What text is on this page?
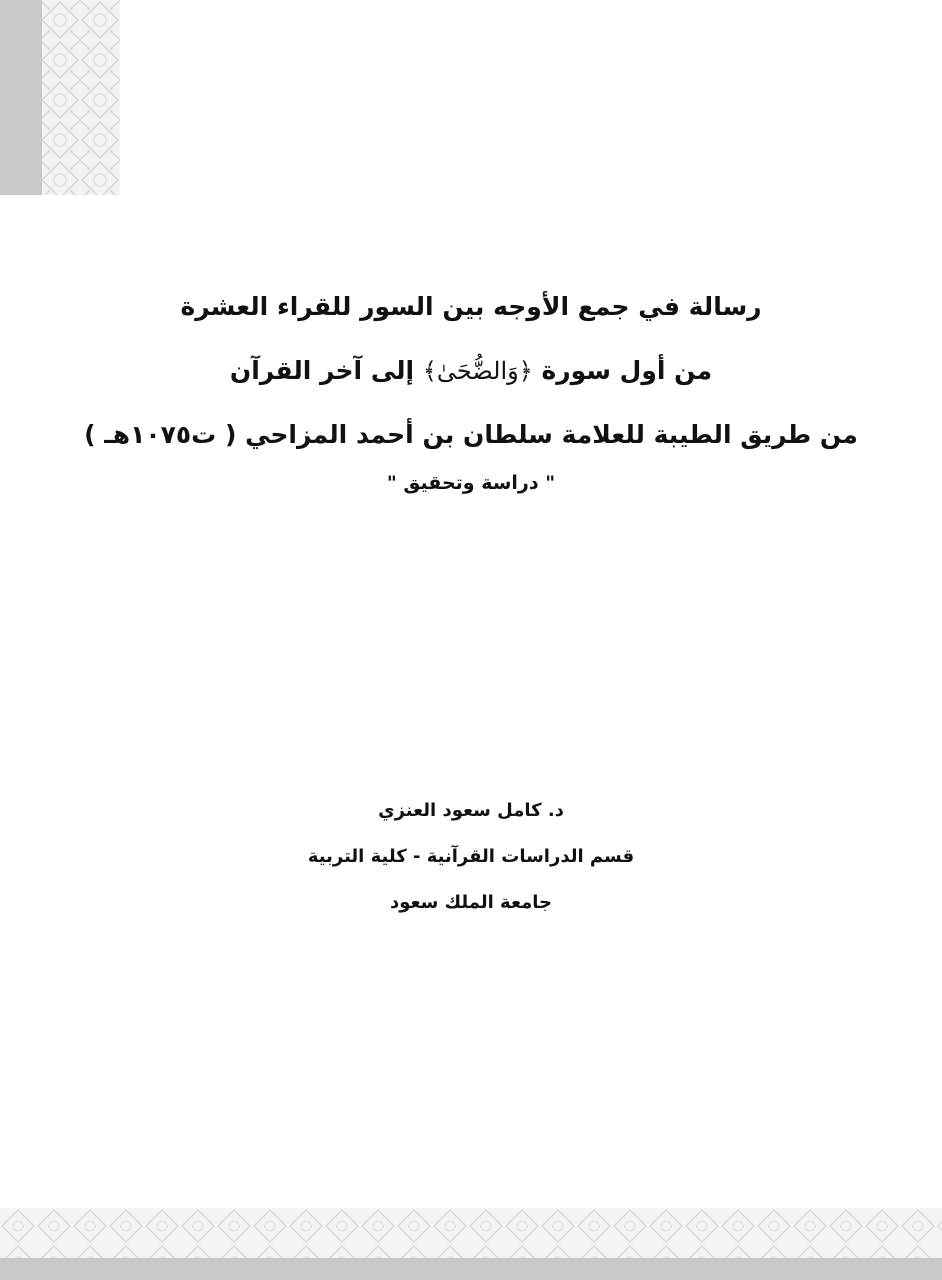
رسالة في جمع الأوجه بين السور للقراء العشرة
من أول سورة ﴿وَالضُّحَىٰ﴾ إلى آخر القرآن
من طريق الطيبة للعلامة سلطان بن أحمد المزاحي ( ت١٠٧٥هـ )
" دراسة وتحقيق "
د. كامل سعود العنزي
قسم الدراسات القرآنية - كلية التربية
جامعة الملك سعود
